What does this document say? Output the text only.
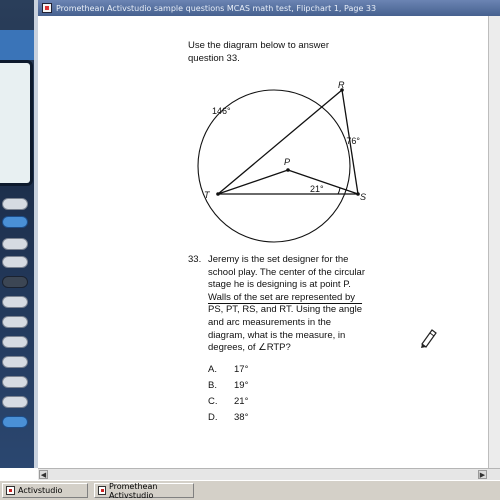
Promethean Activstudio sample questions MCAS math test, Flipchart 1, Page 33
Use the diagram below to answer
question 33.
146°
76°
21°
R
P
T	S
33. Jeremy is the set designer for the
school play. The center of the circular
stage he is designing is at point P.
Walls of the set are represented by
PS, PT, RS, and RT. Using the angle
and arc measurements in the
diagram, what is the measure, in
degrees, of ∠RTP?
A.	17°
B.	19°
C.	21°
D.	38°
◀	▶
Activstudio	Promethean Activstudio
